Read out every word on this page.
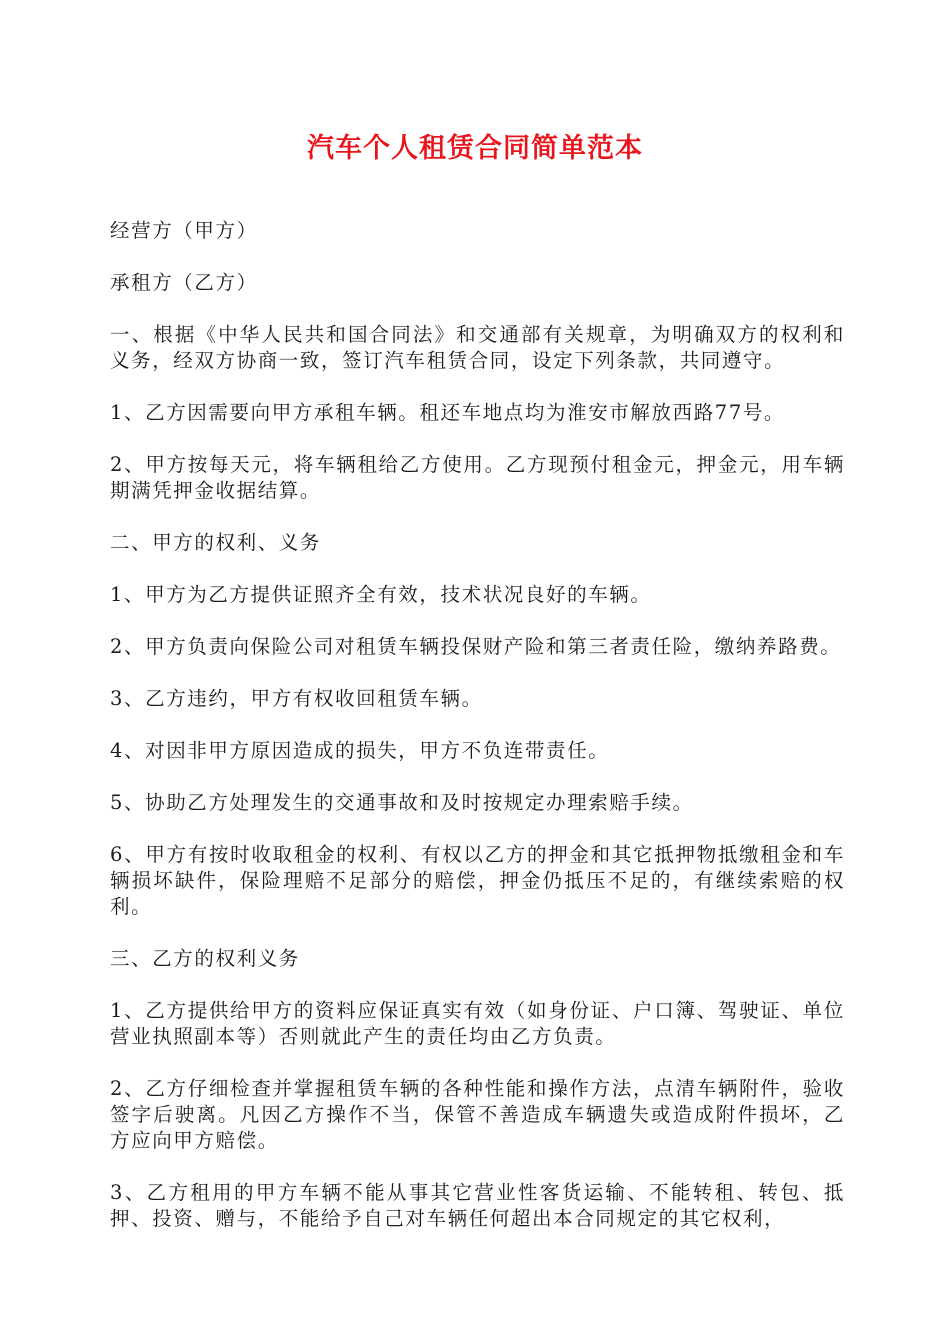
汽车个人租赁合同简单范本

经营方（甲方）

承租方（乙方）

一、根据《中华人民共和国合同法》和交通部有关规章，为明确双方的权利和义务，经双方协商一致，签订汽车租赁合同，设定下列条款，共同遵守。

1、乙方因需要向甲方承租车辆。租还车地点均为淮安市解放西路77号。

2、甲方按每天元，将车辆租给乙方使用。乙方现预付租金元，押金元，用车辆期满凭押金收据结算。

二、甲方的权利、义务

1、甲方为乙方提供证照齐全有效，技术状况良好的车辆。

2、甲方负责向保险公司对租赁车辆投保财产险和第三者责任险，缴纳养路费。

3、乙方违约，甲方有权收回租赁车辆。

4、对因非甲方原因造成的损失，甲方不负连带责任。

5、协助乙方处理发生的交通事故和及时按规定办理索赔手续。

6、甲方有按时收取租金的权利、有权以乙方的押金和其它抵押物抵缴租金和车辆损坏缺件，保险理赔不足部分的赔偿，押金仍抵压不足的，有继续索赔的权利。

三、乙方的权利义务

1、乙方提供给甲方的资料应保证真实有效（如身份证、户口簿、驾驶证、单位营业执照副本等）否则就此产生的责任均由乙方负责。

2、乙方仔细检查并掌握租赁车辆的各种性能和操作方法，点清车辆附件，验收签字后驶离。凡因乙方操作不当，保管不善造成车辆遗失或造成附件损坏，乙方应向甲方赔偿。

3、乙方租用的甲方车辆不能从事其它营业性客货运输、不能转租、转包、抵押、投资、赠与，不能给予自己对车辆任何超出本合同规定的其它权利，
